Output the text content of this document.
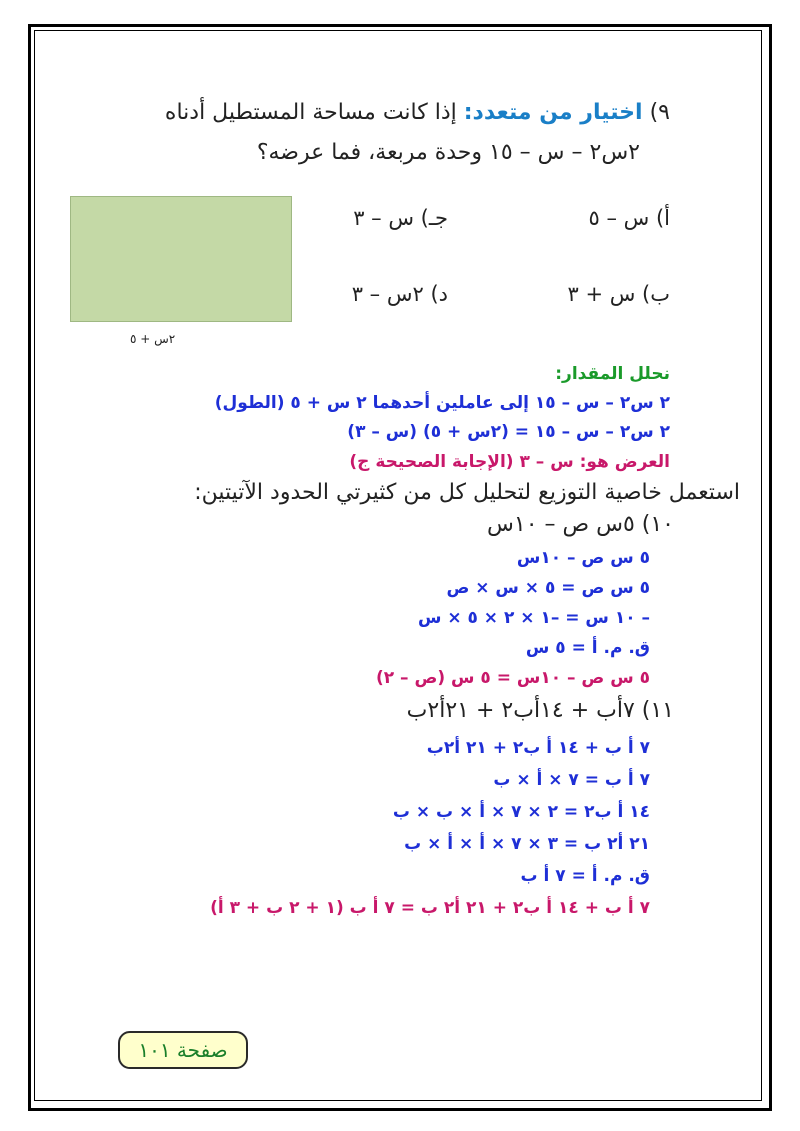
٩) اختيار من متعدد: إذا كانت مساحة المستطيل أدناه
٢س٢ – س – ١٥ وحدة مربعة، فما عرضه؟
أ) س – ٥
جـ) س – ٣
ب) س + ٣
د) ٢س – ٣
٢س + ٥
نحلل المقدار:
٢ س٢ – س – ١٥ إلى عاملين أحدهما ٢ س + ٥ (الطول)
٢ س٢ – س – ١٥ = (٢س + ٥) (س – ٣)
العرض هو: س – ٣ (الإجابة الصحيحة ج)
استعمل خاصية التوزيع لتحليل كل من كثيرتي الحدود الآتيتين:
١٠) ٥س ص – ١٠س
٥ س ص – ١٠س
٥ س ص = ٥ × س × ص
– ١٠ س = –١ × ٢ × ٥ × س
ق. م. أ = ٥ س
٥ س ص – ١٠س = ٥ س (ص – ٢)
١١) ٧أب + ١٤أب٢ + ٢١أ٢ب
٧ أ ب + ١٤ أ ب٢ + ٢١ أ٢ب
٧ أ ب = ٧ × أ × ب
١٤ أ ب٢ = ٢ × ٧ × أ × ب × ب
٢١ أ٢ ب = ٣ × ٧ × أ × أ × ب
ق. م. أ = ٧ أ ب
٧ أ ب + ١٤ أ ب٢ + ٢١ أ٢ ب = ٧ أ ب (١ + ٢ ب + ٣ أ)
صفحة ١٠١
